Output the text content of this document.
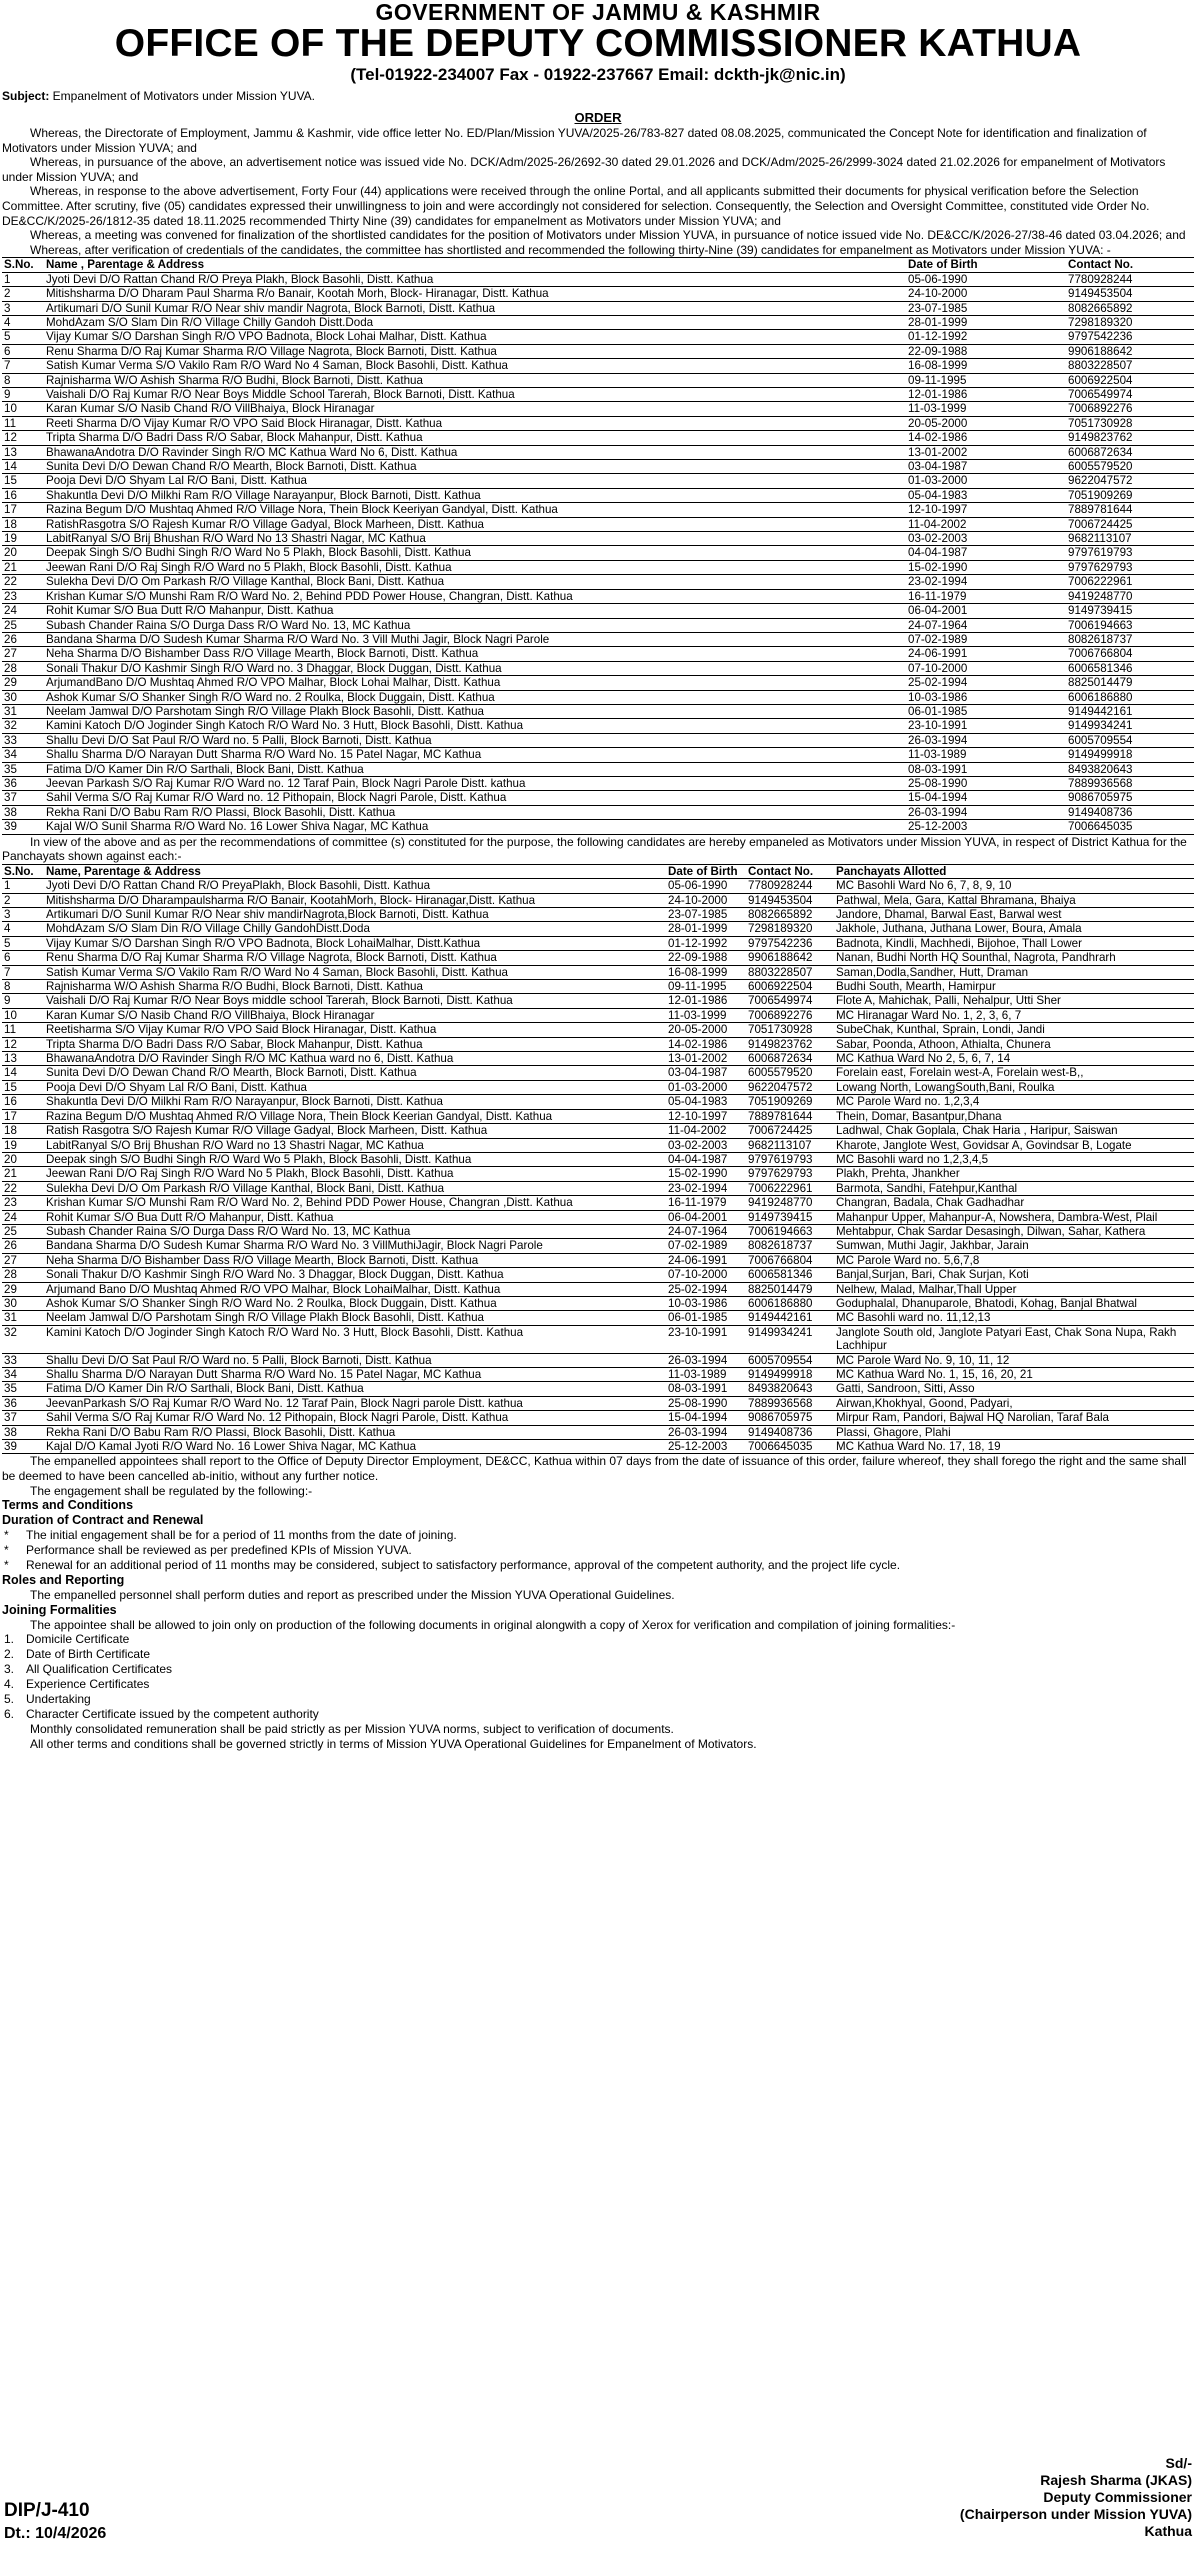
GOVERNMENT OF JAMMU & KASHMIR
OFFICE OF THE DEPUTY COMMISSIONER KATHUA
(Tel-01922-234007 Fax - 01922-237667 Email: dckth-jk@nic.in)
Subject: Empanelment of Motivators under Mission YUVA.
ORDER
Whereas, the Directorate of Employment, Jammu & Kashmir, vide office letter No. ED/Plan/Mission YUVA/2025-26/783-827 dated 08.08.2025, communicated the Concept Note for identification and finalization of Motivators under Mission YUVA; and
Whereas, in pursuance of the above, an advertisement notice was issued vide No. DCK/Adm/2025-26/2692-30 dated 29.01.2026 and DCK/Adm/2025-26/2999-3024 dated 21.02.2026 for empanelment of Motivators under Mission YUVA; and
Whereas, in response to the above advertisement, Forty Four (44) applications were received through the online Portal, and all applicants submitted their documents for physical verification before the Selection Committee. After scrutiny, five (05) candidates expressed their unwillingness to join and were accordingly not considered for selection. Consequently, the Selection and Oversight Committee, constituted vide Order No. DE&CC/K/2025-26/1812-35 dated 18.11.2025 recommended Thirty Nine (39) candidates for empanelment as Motivators under Mission YUVA; and
Whereas, a meeting was convened for finalization of the shortlisted candidates for the position of Motivators under Mission YUVA, in pursuance of notice issued vide No. DE&CC/K/2026-27/38-46 dated 03.04.2026; and
Whereas, after verification of credentials of the candidates, the committee has shortlisted and recommended the following thirty-Nine (39) candidates for empanelment as Motivators under Mission YUVA: -
S.No.	Name , Parentage & Address	Date of Birth	Contact No.
1	Jyoti Devi D/O Rattan Chand R/O Preya Plakh, Block Basohli, Distt. Kathua	05-06-1990	7780928244
2	Mitishsharma D/O Dharam Paul Sharma R/o Banair, Kootah Morh, Block- Hiranagar, Distt. Kathua	24-10-2000	9149453504
3	Artikumari D/O Sunil Kumar R/O Near shiv mandir Nagrota, Block Barnoti, Distt. Kathua	23-07-1985	8082665892
4	MohdAzam S/O Slam Din R/O Village Chilly Gandoh Distt.Doda	28-01-1999	7298189320
5	Vijay Kumar S/O Darshan Singh R/O VPO Badnota, Block Lohai Malhar, Distt. Kathua	01-12-1992	9797542236
6	Renu Sharma D/O Raj Kumar Sharma R/O Village Nagrota, Block Barnoti, Distt. Kathua	22-09-1988	9906188642
7	Satish Kumar Verma S/O Vakilo Ram R/O Ward No 4 Saman, Block Basohli, Distt. Kathua	16-08-1999	8803228507
8	Rajnisharma W/O Ashish Sharma R/O Budhi, Block Barnoti, Distt. Kathua	09-11-1995	6006922504
9	Vaishali D/O Raj Kumar R/O Near Boys Middle School Tarerah, Block Barnoti, Distt. Kathua	12-01-1986	7006549974
10	Karan Kumar S/O Nasib Chand R/O VillBhaiya, Block Hiranagar	11-03-1999	7006892276
11	Reeti Sharma D/O Vijay Kumar R/O VPO Said Block Hiranagar, Distt. Kathua	20-05-2000	7051730928
12	Tripta Sharma D/O Badri Dass R/O Sabar, Block Mahanpur, Distt. Kathua	14-02-1986	9149823762
13	BhawanaAndotra D/O Ravinder Singh R/O MC Kathua Ward No 6, Distt. Kathua	13-01-2002	6006872634
14	Sunita Devi D/O Dewan Chand R/O Mearth, Block Barnoti, Distt. Kathua	03-04-1987	6005579520
15	Pooja Devi D/O Shyam Lal R/O Bani, Distt. Kathua	01-03-2000	9622047572
16	Shakuntla Devi D/O Milkhi Ram R/O Village Narayanpur, Block Barnoti, Distt. Kathua	05-04-1983	7051909269
17	Razina Begum D/O Mushtaq Ahmed R/O Village Nora, Thein Block Keeriyan Gandyal, Distt. Kathua	12-10-1997	7889781644
18	RatishRasgotra S/O Rajesh Kumar R/O Village Gadyal, Block Marheen, Distt. Kathua	11-04-2002	7006724425
19	LabitRanyal S/O Brij Bhushan R/O Ward No 13 Shastri Nagar, MC Kathua	03-02-2003	9682113107
20	Deepak Singh S/O Budhi Singh R/O Ward No 5 Plakh, Block Basohli, Distt. Kathua	04-04-1987	9797619793
21	Jeewan Rani D/O Raj Singh R/O Ward no 5 Plakh, Block Basohli, Distt. Kathua	15-02-1990	9797629793
22	Sulekha Devi D/O Om Parkash R/O Village Kanthal, Block Bani, Distt. Kathua	23-02-1994	7006222961
23	Krishan Kumar S/O Munshi Ram R/O Ward No. 2, Behind PDD Power House, Changran, Distt. Kathua	16-11-1979	9419248770
24	Rohit Kumar S/O Bua Dutt R/O Mahanpur, Distt. Kathua	06-04-2001	9149739415
25	Subash Chander Raina S/O Durga Dass R/O Ward No. 13, MC Kathua	24-07-1964	7006194663
26	Bandana Sharma D/O Sudesh Kumar Sharma R/O Ward No. 3 Vill Muthi Jagir, Block Nagri Parole	07-02-1989	8082618737
27	Neha Sharma D/O Bishamber Dass R/O Village Mearth, Block Barnoti, Distt. Kathua	24-06-1991	7006766804
28	Sonali Thakur D/O Kashmir Singh R/O Ward no. 3 Dhaggar, Block Duggan, Distt. Kathua	07-10-2000	6006581346
29	ArjumandBano D/O Mushtaq Ahmed R/O VPO Malhar, Block Lohai Malhar, Distt. Kathua	25-02-1994	8825014479
30	Ashok Kumar S/O Shanker Singh R/O Ward no. 2 Roulka, Block Duggain, Distt. Kathua	10-03-1986	6006186880
31	Neelam Jamwal D/O Parshotam Singh R/O Village Plakh Block Basohli, Distt. Kathua	06-01-1985	9149442161
32	Kamini Katoch D/O Joginder Singh Katoch R/O Ward No. 3 Hutt, Block Basohli, Distt. Kathua	23-10-1991	9149934241
33	Shallu Devi D/O Sat Paul R/O Ward no. 5 Palli, Block Barnoti, Distt. Kathua	26-03-1994	6005709554
34	Shallu Sharma D/O Narayan Dutt Sharma R/O Ward No. 15 Patel Nagar, MC Kathua	11-03-1989	9149499918
35	Fatima D/O Kamer Din R/O Sarthali, Block Bani, Distt. Kathua	08-03-1991	8493820643
36	Jeevan Parkash S/O Raj Kumar R/O Ward no. 12 Taraf Pain, Block Nagri Parole Distt. kathua	25-08-1990	7889936568
37	Sahil Verma S/O Raj Kumar R/O Ward no. 12 Pithopain, Block Nagri Parole, Distt. Kathua	15-04-1994	9086705975
38	Rekha Rani D/O Babu Ram R/O Plassi, Block Basohli, Distt. Kathua	26-03-1994	9149408736
39	Kajal W/O Sunil Sharma R/O Ward No. 16 Lower Shiva Nagar, MC Kathua	25-12-2003	7006645035
In view of the above and as per the recommendations of committee (s) constituted for the purpose, the following candidates are hereby empaneled as Motivators under Mission YUVA, in respect of District Kathua for the Panchayats shown against each:-
S.No.	Name, Parentage & Address	Date of Birth	Contact No.	Panchayats Allotted
1	Jyoti Devi D/O Rattan Chand R/O PreyaPlakh, Block Basohli, Distt. Kathua	05-06-1990	7780928244	MC Basohli Ward No 6, 7, 8, 9, 10
2	Mitishsharma D/O Dharampaulsharma R/O Banair, KootahMorh, Block- Hiranagar,Distt. Kathua	24-10-2000	9149453504	Pathwal, Mela, Gara, Kattal Bhramana, Bhaiya
3	Artikumari D/O Sunil Kumar R/O Near shiv mandirNagrota,Block Barnoti, Distt. Kathua	23-07-1985	8082665892	Jandore, Dhamal, Barwal East, Barwal west
4	MohdAzam S/O Slam Din R/O Village Chilly GandohDistt.Doda	28-01-1999	7298189320	Jakhole, Juthana, Juthana Lower, Boura, Amala
5	Vijay Kumar S/O Darshan Singh R/O VPO Badnota, Block LohaiMalhar, Distt.Kathua	01-12-1992	9797542236	Badnota, Kindli, Machhedi, Bijohoe, Thall Lower
6	Renu Sharma D/O Raj Kumar Sharma R/O Village Nagrota, Block Barnoti, Distt. Kathua	22-09-1988	9906188642	Nanan, Budhi North HQ Sounthal, Nagrota, Pandhrarh
7	Satish Kumar Verma S/O Vakilo Ram R/O Ward No 4 Saman, Block Basohli, Distt. Kathua	16-08-1999	8803228507	Saman,Dodla,Sandher, Hutt, Draman
8	Rajnisharma W/O Ashish Sharma R/O Budhi, Block Barnoti, Distt. Kathua	09-11-1995	6006922504	Budhi South, Mearth, Hamirpur
9	Vaishali D/O Raj Kumar R/O Near Boys middle school Tarerah, Block Barnoti, Distt. Kathua	12-01-1986	7006549974	Flote A, Mahichak, Palli, Nehalpur, Utti Sher
10	Karan Kumar S/O Nasib Chand R/O VillBhaiya, Block Hiranagar	11-03-1999	7006892276	MC Hiranagar Ward No. 1, 2, 3, 6, 7
11	Reetisharma S/O Vijay Kumar R/O VPO Said Block Hiranagar, Distt. Kathua	20-05-2000	7051730928	SubeChak, Kunthal, Sprain, Londi, Jandi
12	Tripta Sharma D/O Badri Dass R/O Sabar, Block Mahanpur, Distt. Kathua	14-02-1986	9149823762	Sabar, Poonda, Athoon, Athialta, Chunera
13	BhawanaAndotra D/O Ravinder Singh R/O MC Kathua ward no 6, Distt. Kathua	13-01-2002	6006872634	MC Kathua Ward No 2, 5, 6, 7, 14
14	Sunita Devi D/O Dewan Chand R/O Mearth, Block Barnoti, Distt. Kathua	03-04-1987	6005579520	Forelain east, Forelain west-A, Forelain west-B,,
15	Pooja Devi D/O Shyam Lal R/O Bani, Distt. Kathua	01-03-2000	9622047572	Lowang North, LowangSouth,Bani, Roulka
16	Shakuntla Devi D/O Milkhi Ram R/O Narayanpur, Block Barnoti, Distt. Kathua	05-04-1983	7051909269	MC Parole Ward no. 1,2,3,4
17	Razina Begum D/O Mushtaq Ahmed R/O Village Nora, Thein Block Keerian Gandyal, Distt. Kathua	12-10-1997	7889781644	Thein, Domar, Basantpur,Dhana
18	Ratish Rasgotra S/O Rajesh Kumar R/O Village Gadyal, Block Marheen, Distt. Kathua	11-04-2002	7006724425	Ladhwal, Chak Goplala, Chak Haria , Haripur, Saiswan
19	LabitRanyal S/O Brij Bhushan R/O Ward no 13 Shastri Nagar, MC Kathua	03-02-2003	9682113107	Kharote, Janglote West, Govidsar A, Govindsar B, Logate
20	Deepak singh S/O Budhi Singh R/O Ward Wo 5 Plakh, Block Basohli, Distt. Kathua	04-04-1987	9797619793	MC Basohli ward no 1,2,3,4,5
21	Jeewan Rani D/O Raj Singh R/O Ward No 5 Plakh, Block Basohli, Distt. Kathua	15-02-1990	9797629793	Plakh, Prehta, Jhankher
22	Sulekha Devi D/O Om Parkash R/O Village Kanthal, Block Bani, Distt. Kathua	23-02-1994	7006222961	Barmota, Sandhi, Fatehpur,Kanthal
23	Krishan Kumar S/O Munshi Ram R/O Ward No. 2, Behind PDD Power House, Changran ,Distt. Kathua	16-11-1979	9419248770	Changran, Badala, Chak Gadhadhar
24	Rohit Kumar S/O Bua Dutt R/O Mahanpur, Distt. Kathua	06-04-2001	9149739415	Mahanpur Upper, Mahanpur-A, Nowshera, Dambra-West, Plail
25	Subash Chander Raina S/O Durga Dass R/O Ward No. 13, MC Kathua	24-07-1964	7006194663	Mehtabpur, Chak Sardar Desasingh, Dilwan, Sahar, Kathera
26	Bandana Sharma D/O Sudesh Kumar Sharma R/O Ward No. 3 VillMuthiJagir, Block Nagri Parole	07-02-1989	8082618737	Sumwan, Muthi Jagir, Jakhbar, Jarain
27	Neha Sharma D/O Bishamber Dass R/O Village Mearth, Block Barnoti, Distt. Kathua	24-06-1991	7006766804	MC Parole Ward no. 5,6,7,8
28	Sonali Thakur D/O Kashmir Singh R/O Ward No. 3 Dhaggar, Block Duggan, Distt. Kathua	07-10-2000	6006581346	Banjal,Surjan, Bari, Chak Surjan, Koti
29	Arjumand Bano D/O Mushtaq Ahmed R/O VPO Malhar, Block LohaiMalhar, Distt. Kathua	25-02-1994	8825014479	Nelhew, Malad, Malhar,Thall Upper
30	Ashok Kumar S/O Shanker Singh R/O Ward No. 2 Roulka, Block Duggain, Distt. Kathua	10-03-1986	6006186880	Goduphalal, Dhanuparole, Bhatodi, Kohag, Banjal Bhatwal
31	Neelam Jamwal D/O Parshotam Singh R/O Village Plakh Block Basohli, Distt. Kathua	06-01-1985	9149442161	MC Basohli ward no. 11,12,13
32	Kamini Katoch D/O Joginder Singh Katoch R/O Ward No. 3 Hutt, Block Basohli, Distt. Kathua	23-10-1991	9149934241	Janglote South old, Janglote Patyari East, Chak Sona Nupa, Rakh Lachhipur
33	Shallu Devi D/O Sat Paul R/O Ward no. 5 Palli, Block Barnoti, Distt. Kathua	26-03-1994	6005709554	MC Parole Ward No. 9, 10, 11, 12
34	Shallu Sharma D/O Narayan Dutt Sharma R/O Ward No. 15 Patel Nagar, MC Kathua	11-03-1989	9149499918	MC Kathua Ward No. 1, 15, 16, 20, 21
35	Fatima D/O Kamer Din R/O Sarthali, Block Bani, Distt. Kathua	08-03-1991	8493820643	Gatti, Sandroon, Sitti, Asso
36	JeevanParkash S/O Raj Kumar R/O Ward No. 12 Taraf Pain, Block Nagri parole Distt. kathua	25-08-1990	7889936568	Airwan,Khokhyal, Goond, Padyari,
37	Sahil Verma S/O Raj Kumar R/O Ward No. 12 Pithopain, Block Nagri Parole, Distt. Kathua	15-04-1994	9086705975	Mirpur Ram, Pandori, Bajwal HQ Narolian, Taraf Bala
38	Rekha Rani D/O Babu Ram R/O Plassi, Block Basohli, Distt. Kathua	26-03-1994	9149408736	Plassi, Ghagore, Plahi
39	Kajal D/O Kamal Jyoti R/O Ward No. 16 Lower Shiva Nagar, MC Kathua	25-12-2003	7006645035	MC Kathua Ward No. 17, 18, 19
The empanelled appointees shall report to the Office of Deputy Director Employment, DE&CC, Kathua within 07 days from the date of issuance of this order, failure whereof, they shall forego the right and the same shall be deemed to have been cancelled ab-initio, without any further notice.
The engagement shall be regulated by the following:-
Terms and Conditions
Duration of Contract and Renewal
*	The initial engagement shall be for a period of 11 months from the date of joining.
*	Performance shall be reviewed as per predefined KPIs of Mission YUVA.
*	Renewal for an additional period of 11 months may be considered, subject to satisfactory performance, approval of the competent authority, and the project life cycle.
Roles and Reporting
The empanelled personnel shall perform duties and report as prescribed under the Mission YUVA Operational Guidelines.
Joining Formalities
The appointee shall be allowed to join only on production of the following documents in original alongwith a copy of Xerox for verification and compilation of joining formalities:-
1. Domicile Certificate
2. Date of Birth Certificate
3. All Qualification Certificates
4. Experience Certificates
5. Undertaking
6. Character Certificate issued by the competent authority
Monthly consolidated remuneration shall be paid strictly as per Mission YUVA norms, subject to verification of documents.
All other terms and conditions shall be governed strictly in terms of Mission YUVA Operational Guidelines for Empanelment of Motivators.
Sd/-
Rajesh Sharma (JKAS)
Deputy Commissioner
(Chairperson under Mission YUVA)
Kathua
DIP/J-410
Dt.: 10/4/2026
